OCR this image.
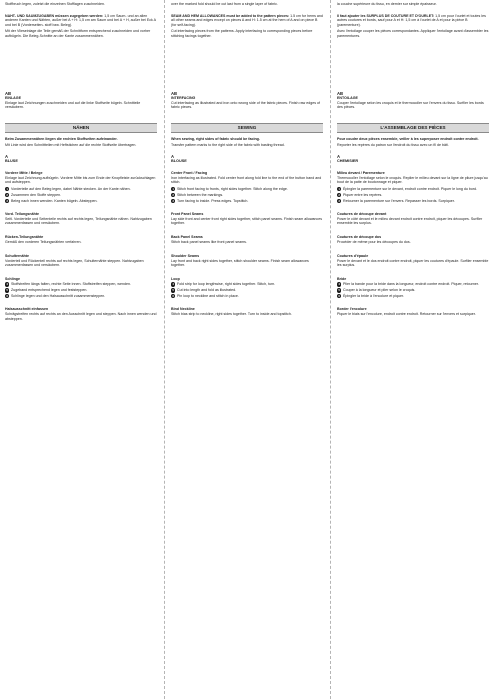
Stoffbruch legen, zuletzt die einzelnen Stofflagen zuschneiden.

NAHT- UND SAUMZUGABEN müssen zugegeben werden: 1,5 cm Saum- und an allen anderen Kanten und Nähten, außer bei A + H: 1,5 cm am Saum und bei A + H, außer bei Eck A und bei B (Vorderseiten- stoff bzw. Beleg).

Mit der Vlieseinlage die Teile gemäß der Schnittform entsprechend zuschneiden und vorher aufbügeln. Die Beleg-Schnitte an der Kante zusammennähen.

AB

EINLAGE

Einlage laut Zeichnungen zuschneiden und auf die linke Stoffseite bügeln. Schnitteile versäubern.

NÄHEN

Beim Zusammennähen liegen die rechten Stoffseiten aufeinander.

Mit Linie wird den Schnittteilen mit Heftstichen auf die rechte Stoffseite übertragen.

A

BLUSE

Vordere Mitte / Belege

Einlage laut Zeichnung aufbügeln. Vordere Mitte bis zum Ende der Knopfleiste zurückschlagen und aufsteppen.

1 Vorderteile auf den Beleg legen, dabei Nähte stecken. An der Kante nähen.
2 Zusammen den Stoffe steppen.
3 Beleg nach innen wenden. Kanten bügeln. Absteppen.

Vord. Teilungsnähte

Seitl. Vorderteile und Seitenteile rechts auf rechts legen, Teilungsnähte nähen. Nahtzugaben zusammenfassen und versäubern.

Rücken-Teilungsnähte

Gemäß den vorderen Teilungsnähten verfahren.

Schulternähte

Vorderteil und Rückenteil rechts auf rechts legen, Schulternähte steppen. Nahtzugaben zusammenfassen und versäubern.

Schlinge

4 Stoffstreifen längs falten, rechte Seite innen. Stoffstreifen steppen, wenden.
5 Zugeband entsprechend legen und feststeppen.
6 Schlinge legen und den Halsausschnitt zusammensteppen.

Halsausschnitt einfassen

Schrägstreifen rechts auf rechts an den Ausschnitt legen und steppen. Nach innen wenden und absteppen.

over the marked fold should be cut last from a single layer of fabric.

SEAM AND HEM ALLOWANCES must be added to the pattern pieces: 1.5 cm for hems and all other seams and edges except on pieces A and H: 1.5 cm at the hem of A and on piece B (for self-facing).

Cut interfacing pieces from the patterns. Apply interfacing to corresponding pieces before stitching facings together.

AB

INTERFACING

Cut interfacing as illustrated and iron onto wrong side of the fabric pieces. Finish raw edges of fabric pieces.

SEWING

When sewing, right sides of fabric should be facing.

Transfer pattern marks to the right side of the fabric with basting thread.

A

BLOUSE

Center Front / Facing

Iron interfacing as illustrated. Fold center front along fold line to the end of the button band and stitch.

1 Stitch front facing to fronts, right sides together. Stitch along the edge.
2 Stitch between the markings.
3 Turn facing to inside. Press edges. Topstitch.

Front Panel Seams

Lay side front and center front right sides together, stitch panel seams. Finish seam allowances together.

Back Panel Seams

Stitch back panel seams like front panel seams.

Shoulder Seams

Lay front and back right sides together, stitch shoulder seams. Finish seam allowances together.

Loop

4 Fold strip for loop lengthwise, right sides together. Stitch, turn.
5 Cut into length and fold as illustrated.
6 Pin loop to neckline and stitch in place.

Bind Neckline

Stitch bias strip to neckline, right sides together. Turn to inside and topstitch.

la couche supérieure du tissu, en dernier sur simple épaisseur.

Il faut ajouter les SURPLUS DE COUTURE ET D'OURLET: 1,5 cm pour l'ourlet et toutes les autres coutures et bords, sauf pour A et H: 1,5 cm à l'ourlet de A et pour la pièce B (parementure).

Avec l'entoilage couper les pièces correspondantes. Appliquer l'entoilage avant d'assembler les parementures.

AB

ENTOILAGE

Couper l'entoilage selon les croquis et le thermocoller sur l'envers du tissu. Surfiler les bords des pièces.

L'ASSEMBLAGE DES PIÈCES

Pour coudre deux pièces ensemble, veiller à les superposer endroit contre endroit.

Reporter les repères du patron sur l'endroit du tissu avec un fil de bâti.

A

CHEMISIER

Milieu devant / Parementure

Thermocoller l'entoilage selon le croquis. Replier le milieu devant sur la ligne de pliure jusqu'au bout de la patte de boutonnage et piquer.

1 Épingler la parementure sur le devant, endroit contre endroit. Piquer le long du bord.
2 Piquer entre les repères.
3 Retourner la parementure sur l'envers. Repasser les bords. Surpiquer.

Coutures de découpe devant

Poser le côté devant et le milieu devant endroit contre endroit, piquer les découpes. Surfiler ensemble les surplus.

Coutures de découpe dos

Procéder de même pour les découpes du dos.

Coutures d'épaule

Poser le devant et le dos endroit contre endroit, piquer les coutures d'épaule. Surfiler ensemble les surplus.

Bride

4 Plier la bande pour la bride dans la longueur, endroit contre endroit. Piquer, retourner.
5 Couper à la longueur et plier selon le croquis.
6 Épingler la bride à l'encolure et piquer.

Border l'encolure

Piquer le biais sur l'encolure, endroit contre endroit. Retourner sur l'envers et surpiquer.
